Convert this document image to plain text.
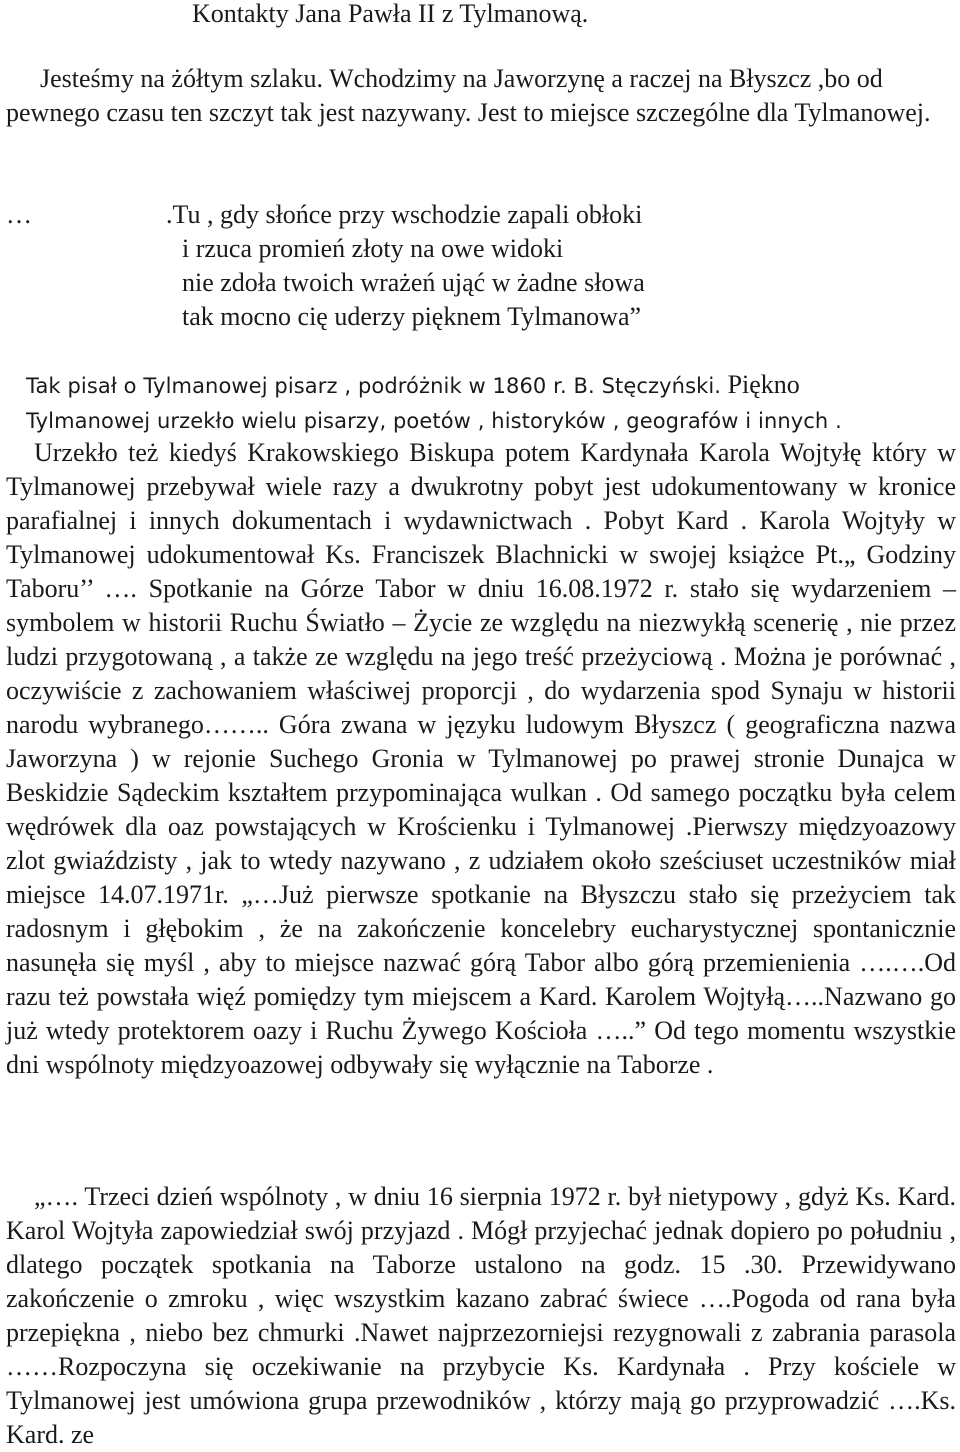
Kontakty Jana Pawła II z Tylmanową.

Jesteśmy na żółtym szlaku. Wchodzimy na Jaworzynę a raczej na Błyszcz ,bo od pewnego czasu ten szczyt tak jest nazywany. Jest to miejsce szczególne dla Tylmanowej.

…	.Tu , gdy słońce przy wschodzie zapali obłoki
i rzuca promień złoty na owe widoki
nie zdoła twoich wrażeń ująć w żadne słowa
tak mocno cię uderzy pięknem Tylmanowa”

Tak pisał o Tylmanowej pisarz , podróżnik w 1860 r. B. Stęczyński. Piękno
Tylmanowej urzekło wielu pisarzy, poetów , historyków , geografów i innych .

Urzekło też kiedyś Krakowskiego Biskupa potem Kardynała Karola Wojtyłę który w Tylmanowej przebywał wiele razy a dwukrotny pobyt jest udokumentowany w kronice parafialnej i innych dokumentach i wydawnictwach . Pobyt Kard . Karola Wojtyły w Tylmanowej udokumentował Ks. Franciszek Blachnicki w swojej książce Pt.„ Godziny Taboru’’ …. Spotkanie na Górze Tabor w dniu 16.08.1972 r. stało się wydarzeniem – symbolem w historii Ruchu Światło – Życie ze względu na niezwykłą scenerię , nie przez ludzi przygotowaną , a także ze względu na jego treść przeżyciową . Można je porównać , oczywiście z zachowaniem właściwej proporcji , do wydarzenia spod Synaju w historii narodu wybranego…….. Góra zwana w języku ludowym Błyszcz ( geograficzna nazwa Jaworzyna ) w rejonie Suchego Gronia w Tylmanowej po prawej stronie Dunajca w Beskidzie Sądeckim kształtem przypominająca wulkan . Od samego początku była celem wędrówek dla oaz powstających w Krościenku i Tylmanowej .Pierwszy międzyoazowy zlot gwiaździsty , jak to wtedy nazywano , z udziałem około sześciuset uczestników miał miejsce 14.07.1971r. „…Już pierwsze spotkanie na Błyszczu stało się przeżyciem tak radosnym i głębokim , że na zakończenie koncelebry eucharystycznej spontanicznie nasunęła się myśl , aby to miejsce nazwać górą Tabor albo górą przemienienia ….….Od razu też powstała więź pomiędzy tym miejscem a Kard. Karolem Wojtyłą…..Nazwano go już wtedy protektorem oazy i Ruchu Żywego Kościoła …..” Od tego momentu wszystkie dni wspólnoty międzyoazowej odbywały się wyłącznie na Taborze .

„…. Trzeci dzień wspólnoty , w dniu 16 sierpnia 1972 r. był nietypowy , gdyż Ks. Kard. Karol Wojtyła zapowiedział swój przyjazd . Mógł przyjechać jednak dopiero po południu , dlatego początek spotkania na Taborze ustalono na godz. 15 .30. Przewidywano zakończenie o zmroku , więc wszystkim kazano zabrać świece ….Pogoda od rana była przepiękna , niebo bez chmurki .Nawet najprzezorniejsi rezygnowali z zabrania parasola ……Rozpoczyna się oczekiwanie na przybycie Ks. Kardynała . Przy kościele w Tylmanowej jest umówiona grupa przewodników , którzy mają go przyprowadzić ….Ks. Kard. ze
